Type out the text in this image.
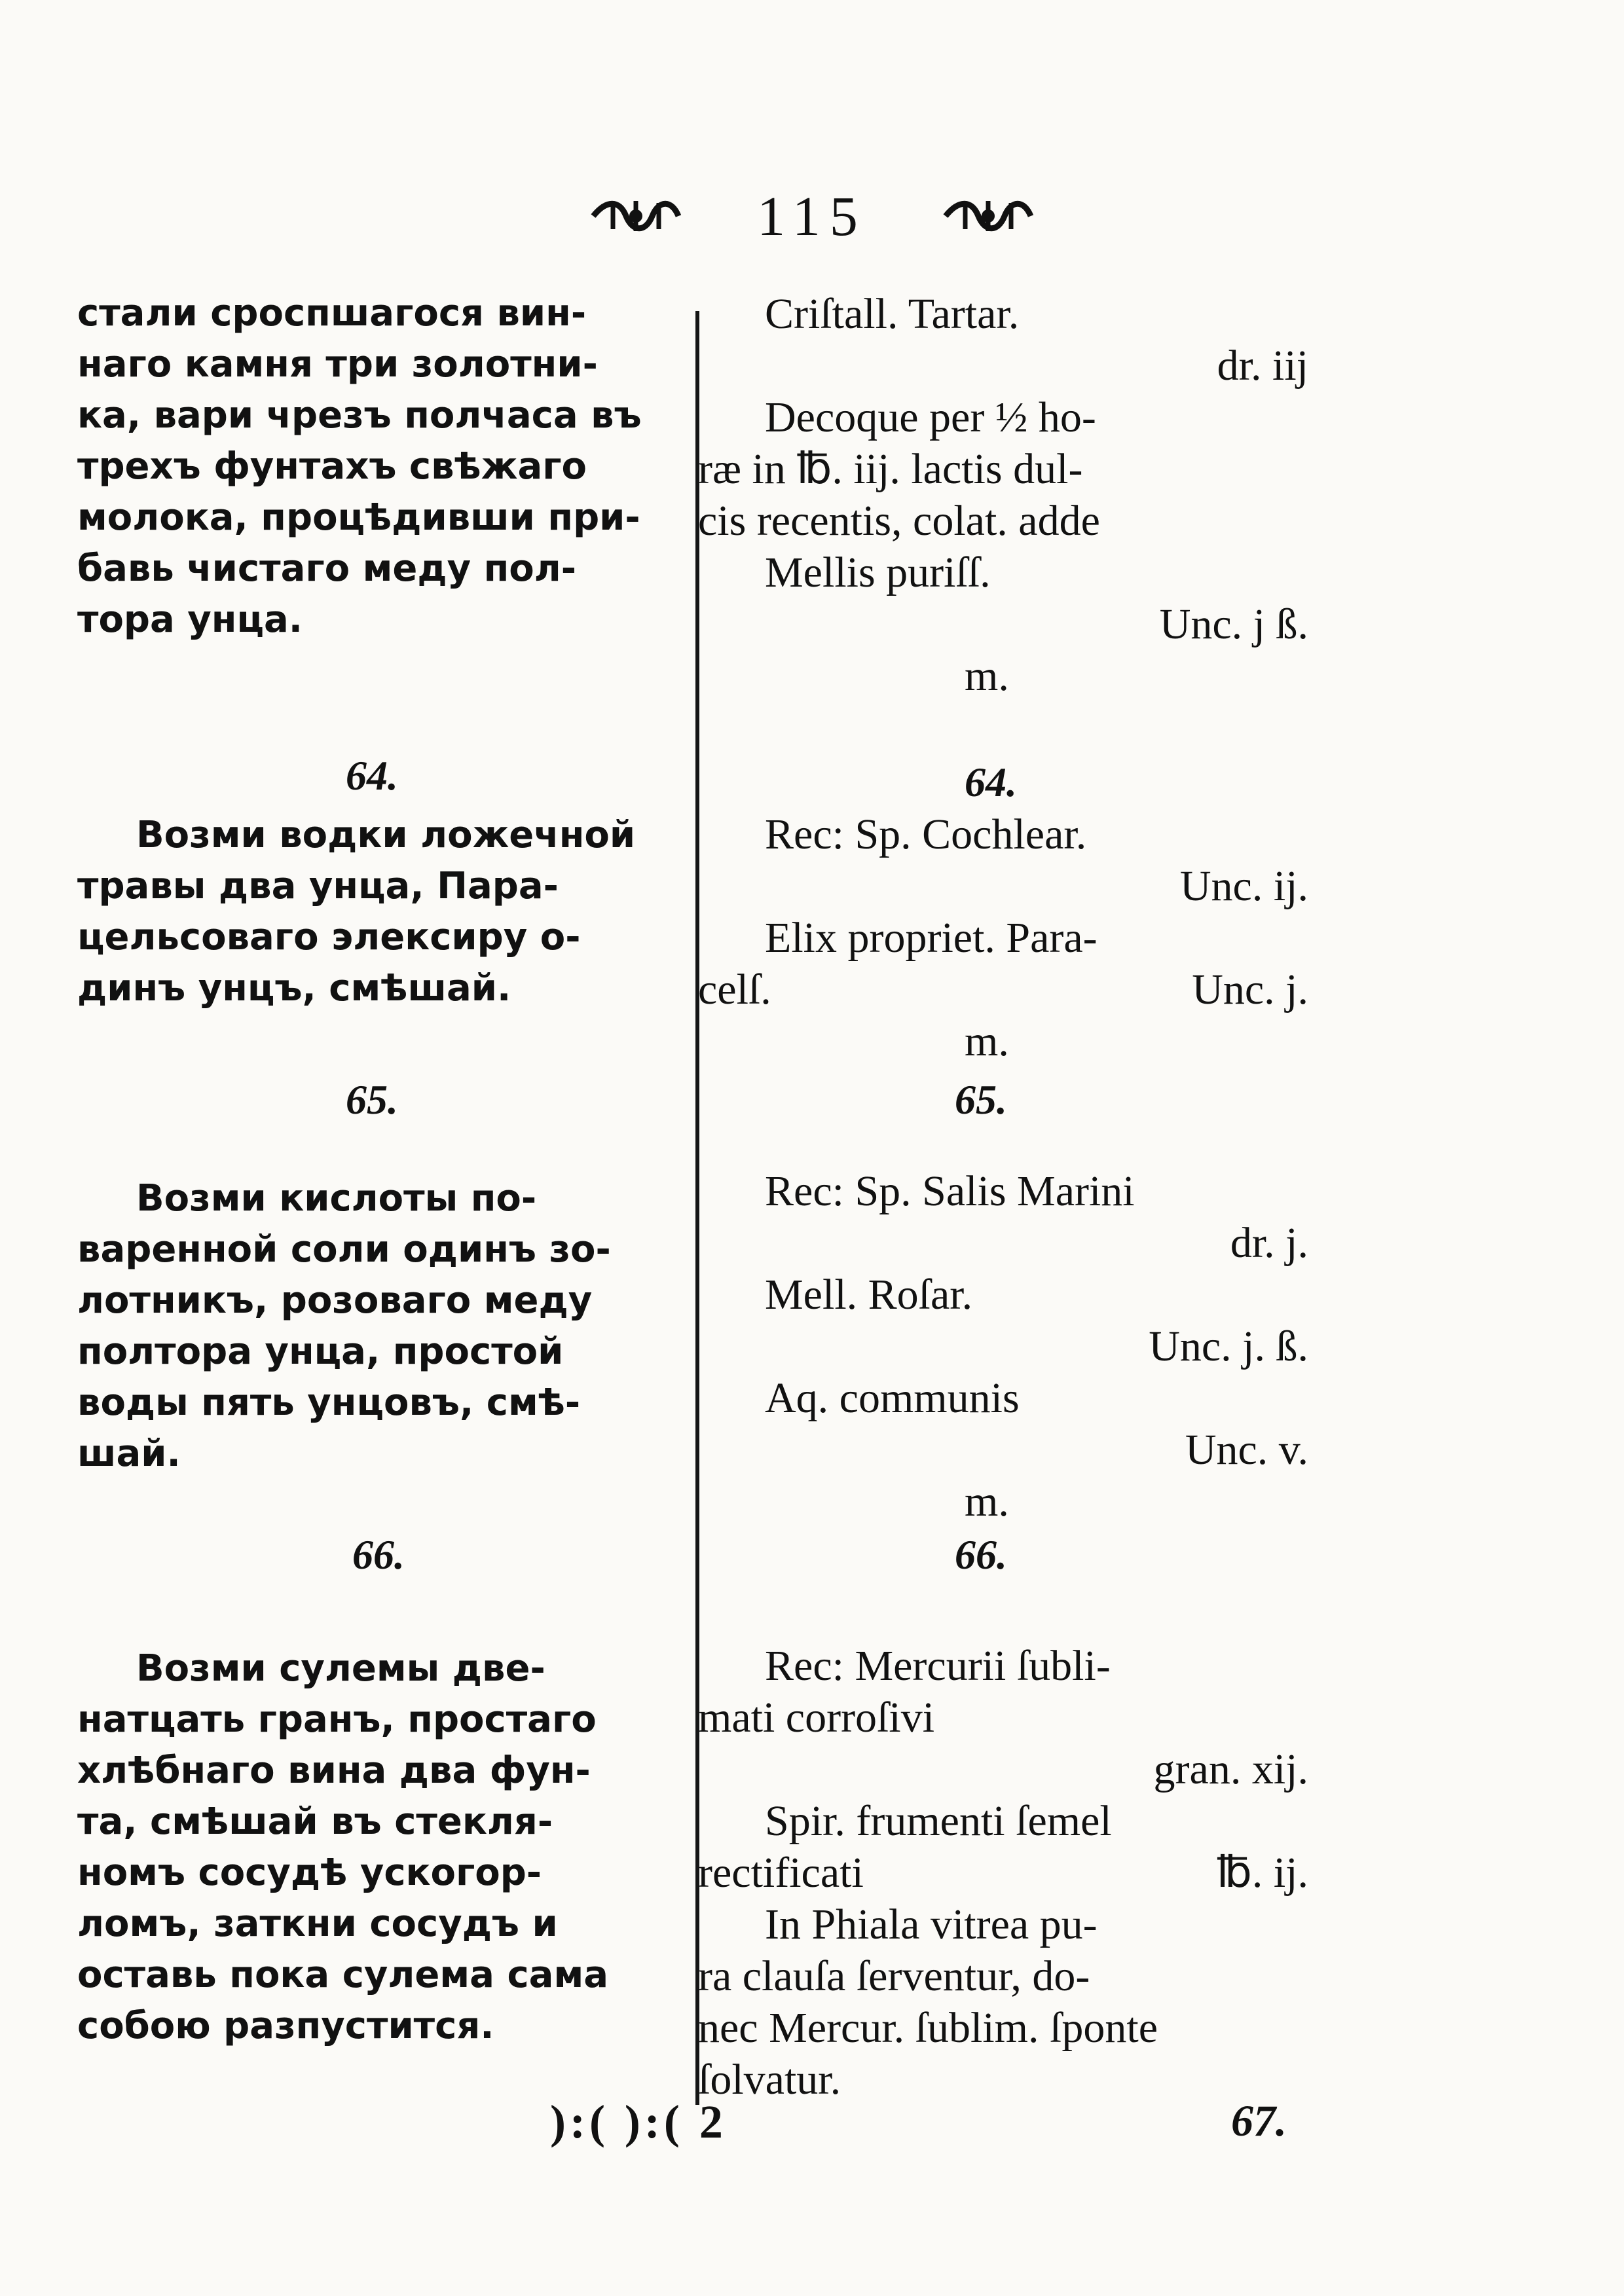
115

стали сроспшагося вин-

наго камня три золотни-

ка, вари чрезъ полчаса въ

трехъ фунтахъ свѣжаго

молока, процѣдивши при-

бавь чистаго меду пол-

тора унца.

64.

Возми водки ложечной

травы два унца, Пара-

цельсоваго элексиру о-

динъ унцъ, смѣшай.

65.

Возми кислоты по-

варенной соли одинъ зо-

лотникъ, розоваго меду

полтора унца, простой

воды пять унцовъ, смѣ-

шай.

66.

Возми сулемы две-

натцать гранъ, простаго

хлѣбнаго вина два фун-

та, смѣшай въ стекля-

номъ сосудѣ ускогор-

ломъ, заткни сосудъ и

оставь пока сулема сама

собою разпустится.

Criſtall. Tartar.

dr. iij

Decoque per ½ ho-

ræ in ℔. iij. lactis dul-

cis recentis, colat. adde

Mellis puriſſ.

Unc. j ß.

m.

64.

Rec: Sp. Cochlear.

Unc. ij.

Elix propriet. Para-

celſ.	Unc. j.

m.

65.

Rec: Sp. Salis Marini

dr. j.

Mell. Roſar.

Unc. j. ß.

Aq. communis

Unc. v.

m.

66.

Rec: Mercurii ſubli-

mati corroſivi

gran. xij.

Spir. frumenti ſemel

rectificati	℔. ij.

In Phiala vitrea pu-

ra clauſa ſerventur, do-

nec Mercur. ſublim. ſponte

ſolvatur.

):( ):( 2	67.
